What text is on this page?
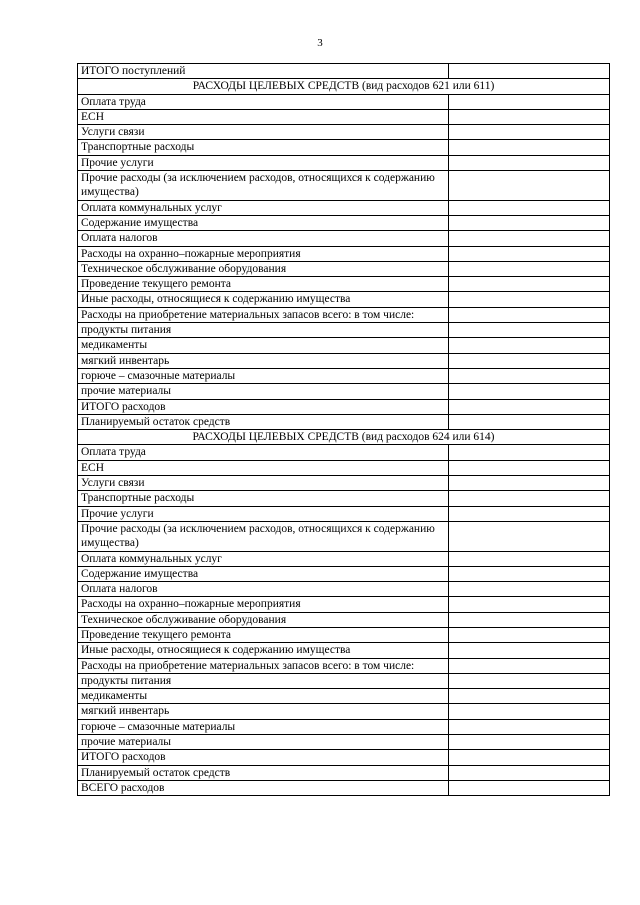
3
ИТОГО поступлений	
РАСХОДЫ ЦЕЛЕВЫХ СРЕДСТВ (вид расходов 621 или 611)	
Оплата труда	
ЕСН	
Услуги связи	
Транспортные расходы	
Прочие услуги	
Прочие расходы (за исключением расходов, относящихся к содержанию имущества)	
Оплата коммунальных услуг	
Содержание имущества	
Оплата налогов	
Расходы на охранно–пожарные мероприятия	
Техническое обслуживание оборудования	
Проведение текущего ремонта	
Иные расходы, относящиеся к содержанию имущества	
Расходы на приобретение материальных запасов всего: в том числе:	
продукты питания	
медикаменты	
мягкий инвентарь	
горюче – смазочные материалы	
прочие материалы	
ИТОГО расходов	
Планируемый остаток средств	
РАСХОДЫ ЦЕЛЕВЫХ СРЕДСТВ (вид расходов 624 или 614)	
Оплата труда	
ЕСН	
Услуги связи	
Транспортные расходы	
Прочие услуги	
Прочие расходы (за исключением расходов, относящихся к содержанию имущества)	
Оплата коммунальных услуг	
Содержание имущества	
Оплата налогов	
Расходы на охранно–пожарные мероприятия	
Техническое обслуживание оборудования	
Проведение текущего ремонта	
Иные расходы, относящиеся к содержанию имущества	
Расходы на приобретение материальных запасов всего: в том числе:	
продукты питания	
медикаменты	
мягкий инвентарь	
горюче – смазочные материалы	
прочие материалы	
ИТОГО расходов	
Планируемый остаток средств	
ВСЕГО расходов	
